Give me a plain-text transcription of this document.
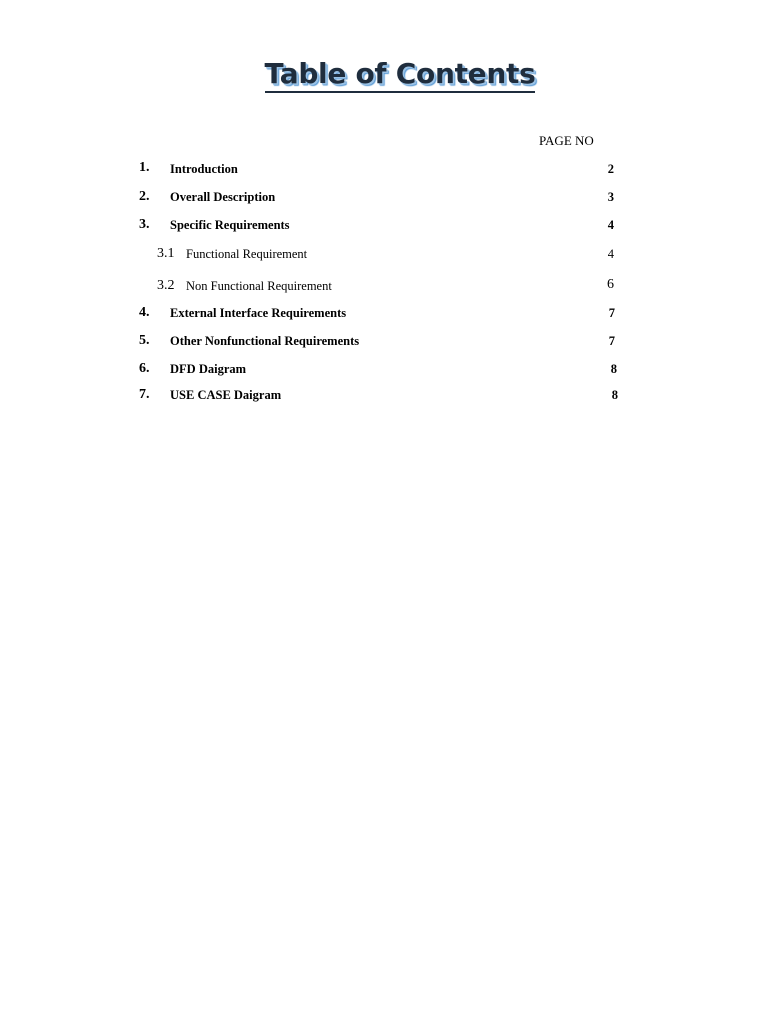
Table of Contents
PAGE NO
1. Introduction	2
2. Overall Description	3
3. Specific Requirements	4
3.1 Functional Requirement	4
3.2 Non Functional Requirement	6
4. External Interface Requirements	7
5. Other Nonfunctional Requirements	7
6. DFD Daigram	8
7. USE CASE Daigram	8
